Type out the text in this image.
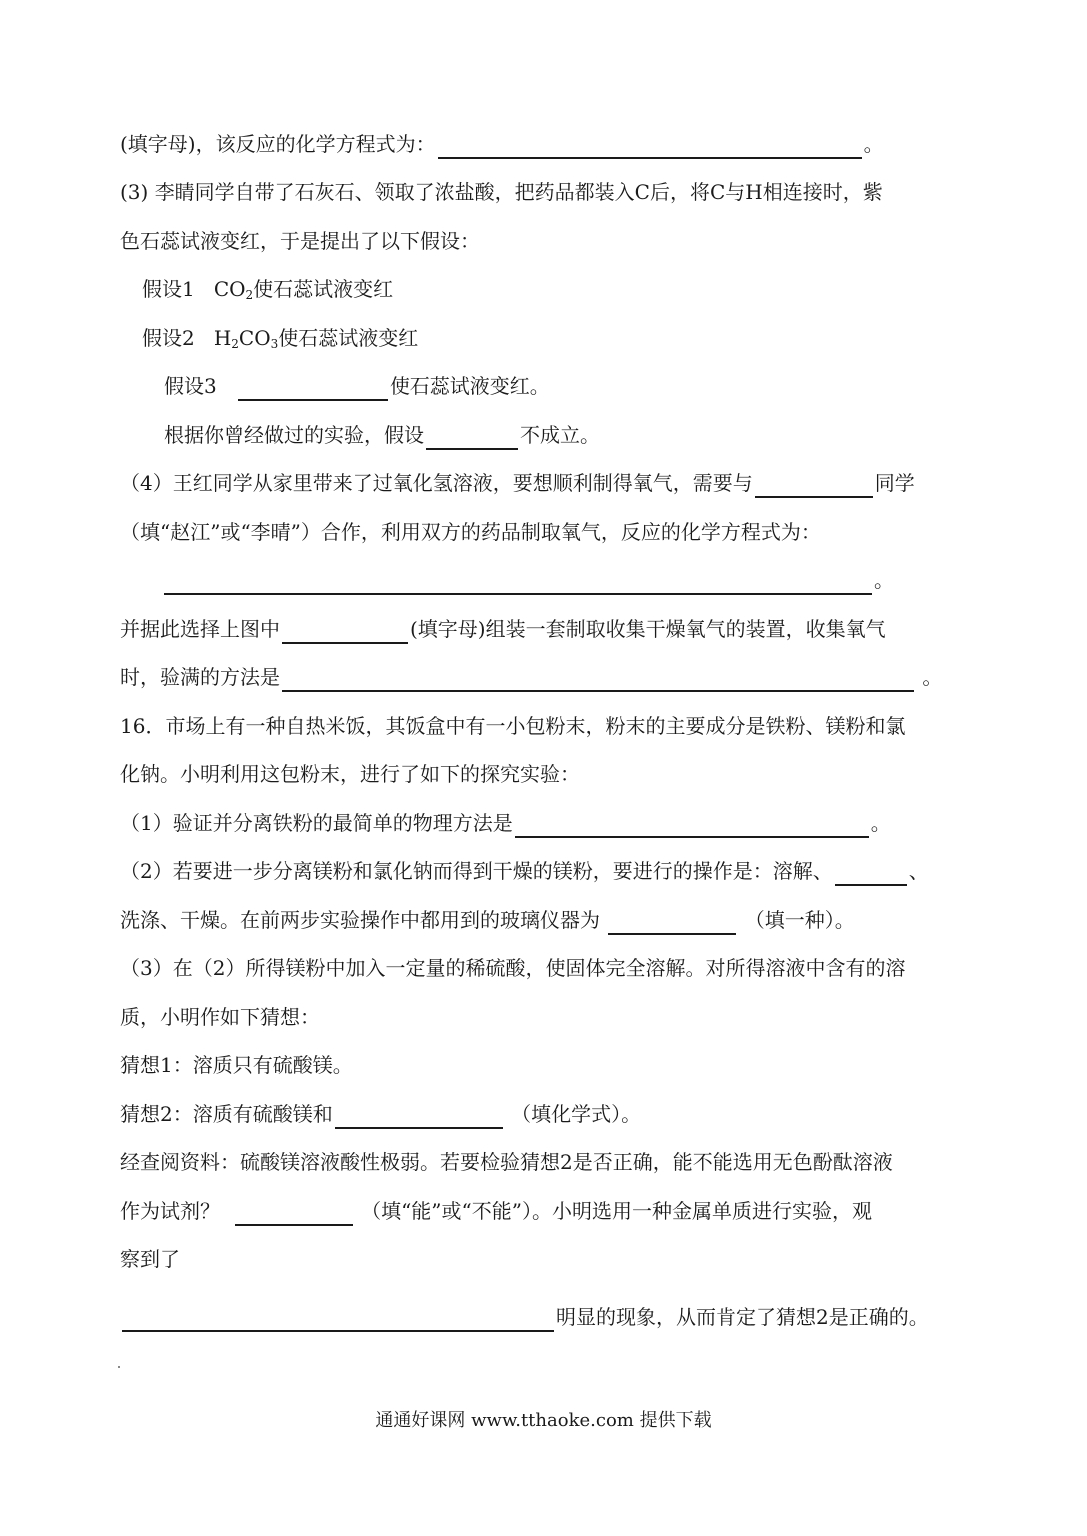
(填字母)，该反应的化学方程式为：	。
(3) 李睛同学自带了石灰石、领取了浓盐酸，把药品都装入C后，将C与H相连接时，紫
色石蕊试液变红，于是提出了以下假设：
假设1 $CO_2$使石蕊试液变红
假设2 $H_2CO_3$使石蕊试液变红
假设3	使石蕊试液变红。
根据你曾经做过的实验，假设	不成立。
（4）王红同学从家里带来了过氧化氢溶液，要想顺利制得氧气，需要与	同学
（填“赵江”或“李晴”）合作，利用双方的药品制取氧气，反应的化学方程式为：
。
并据此选择上图中	(填字母)组装一套制取收集干燥氧气的装置，收集氧气
时，验满的方法是	。
16．市场上有一种自热米饭，其饭盒中有一小包粉末，粉末的主要成分是铁粉、镁粉和氯
化钠。小明利用这包粉末，进行了如下的探究实验：
（1）验证并分离铁粉的最简单的物理方法是	。
（2）若要进一步分离镁粉和氯化钠而得到干燥的镁粉，要进行的操作是：溶解、	、
洗涤、干燥。在前两步实验操作中都用到的玻璃仪器为	（填一种）。
（3）在（2）所得镁粉中加入一定量的稀硫酸，使固体完全溶解。对所得溶液中含有的溶
质，小明作如下猜想：
猜想1：溶质只有硫酸镁。
猜想2：溶质有硫酸镁和	（填化学式）。
经查阅资料：硫酸镁溶液酸性极弱。若要检验猜想2是否正确，能不能选用无色酚酞溶液
作为试剂？	（填“能”或“不能”）。小明选用一种金属单质进行实验，观
察到了
明显的现象，从而肯定了猜想2是正确的。
通通好课网 www.tthaoke.com 提供下载
